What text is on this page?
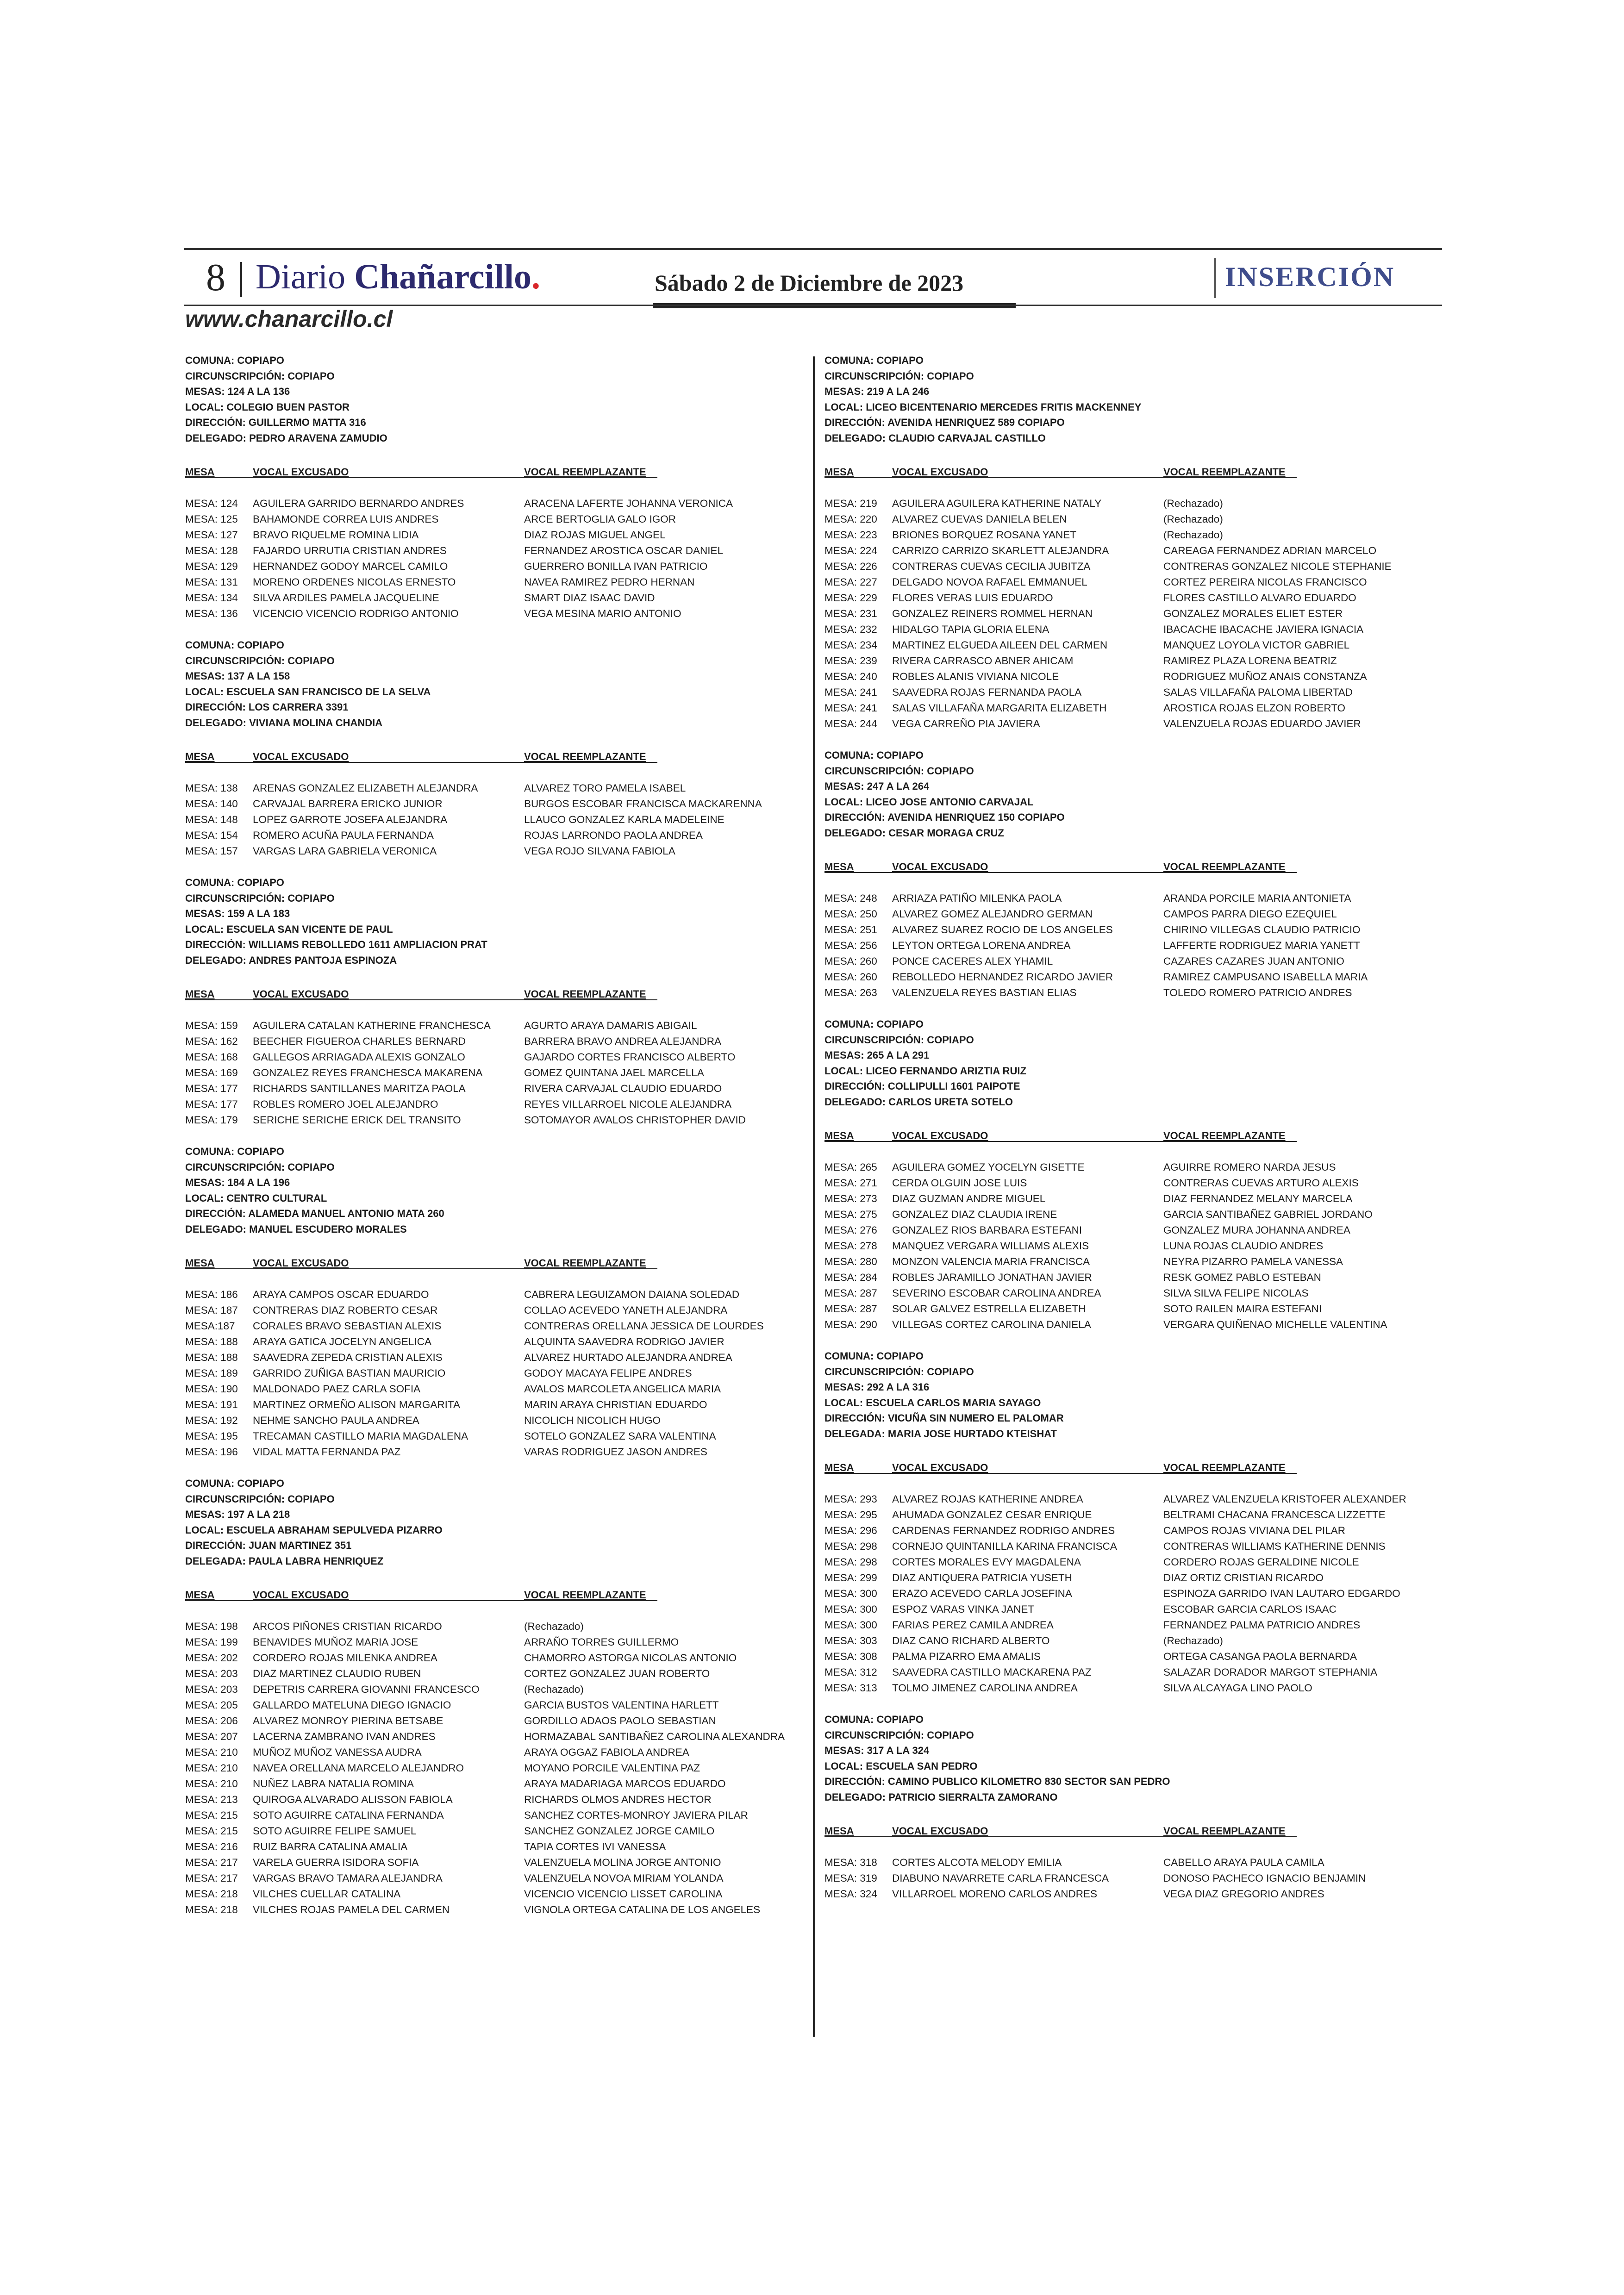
8 Diario Chañarcillo.	Sábado 2 de Diciembre de 2023	INSERCIÓN
www.chanarcillo.cl
COMUNA: COPIAPO
CIRCUNSCRIPCIÓN: COPIAPO
MESAS: 124 A LA 136
LOCAL: COLEGIO BUEN PASTOR
DIRECCIÓN: GUILLERMO MATTA 316
DELEGADO: PEDRO ARAVENA ZAMUDIO
MESA	VOCAL EXCUSADO	VOCAL REEMPLAZANTE
MESA: 124 AGUILERA GARRIDO BERNARDO ANDRES	ARACENA LAFERTE JOHANNA VERONICA
MESA: 125 BAHAMONDE CORREA LUIS ANDRES	ARCE BERTOGLIA GALO IGOR
MESA: 127 BRAVO RIQUELME ROMINA LIDIA	DIAZ ROJAS MIGUEL ANGEL
MESA: 128 FAJARDO URRUTIA CRISTIAN ANDRES	FERNANDEZ AROSTICA OSCAR DANIEL
MESA: 129 HERNANDEZ GODOY MARCEL CAMILO	GUERRERO BONILLA IVAN PATRICIO
MESA: 131 MORENO ORDENES NICOLAS ERNESTO	NAVEA RAMIREZ PEDRO HERNAN
MESA: 134 SILVA ARDILES PAMELA JACQUELINE	SMART DIAZ ISAAC DAVID
MESA: 136 VICENCIO VICENCIO RODRIGO ANTONIO	VEGA MESINA MARIO ANTONIO
COMUNA: COPIAPO
CIRCUNSCRIPCIÓN: COPIAPO
MESAS: 137 A LA 158
LOCAL: ESCUELA SAN FRANCISCO DE LA SELVA
DIRECCIÓN: LOS CARRERA 3391
DELEGADO: VIVIANA MOLINA CHANDIA
MESA	VOCAL EXCUSADO	VOCAL REEMPLAZANTE
MESA: 138 ARENAS GONZALEZ ELIZABETH ALEJANDRA	ALVAREZ TORO PAMELA ISABEL
MESA: 140 CARVAJAL BARRERA ERICKO JUNIOR	BURGOS ESCOBAR FRANCISCA MACKARENNA
MESA: 148 LOPEZ GARROTE JOSEFA ALEJANDRA	LLAUCO GONZALEZ KARLA MADELEINE
MESA: 154 ROMERO ACUÑA PAULA FERNANDA	ROJAS LARRONDO PAOLA ANDREA
MESA: 157 VARGAS LARA GABRIELA VERONICA	VEGA ROJO SILVANA FABIOLA
COMUNA: COPIAPO
CIRCUNSCRIPCIÓN: COPIAPO
MESAS: 159 A LA 183
LOCAL: ESCUELA SAN VICENTE DE PAUL
DIRECCIÓN: WILLIAMS REBOLLEDO 1611 AMPLIACION PRAT
DELEGADO: ANDRES PANTOJA ESPINOZA
MESA	VOCAL EXCUSADO	VOCAL REEMPLAZANTE
MESA: 159 AGUILERA CATALAN KATHERINE FRANCHESCA	AGURTO ARAYA DAMARIS ABIGAIL
MESA: 162 BEECHER FIGUEROA CHARLES BERNARD	BARRERA BRAVO ANDREA ALEJANDRA
MESA: 168 GALLEGOS ARRIAGADA ALEXIS GONZALO	GAJARDO CORTES FRANCISCO ALBERTO
MESA: 169 GONZALEZ REYES FRANCHESCA MAKARENA	GOMEZ QUINTANA JAEL MARCELLA
MESA: 177 RICHARDS SANTILLANES MARITZA PAOLA	RIVERA CARVAJAL CLAUDIO EDUARDO
MESA: 177 ROBLES ROMERO JOEL ALEJANDRO	REYES VILLARROEL NICOLE ALEJANDRA
MESA: 179 SERICHE SERICHE ERICK DEL TRANSITO	SOTOMAYOR AVALOS CHRISTOPHER DAVID
COMUNA: COPIAPO
CIRCUNSCRIPCIÓN: COPIAPO
MESAS: 184 A LA 196
LOCAL: CENTRO CULTURAL
DIRECCIÓN: ALAMEDA MANUEL ANTONIO MATA 260
DELEGADO: MANUEL ESCUDERO MORALES
MESA	VOCAL EXCUSADO	VOCAL REEMPLAZANTE
MESA: 186 ARAYA CAMPOS OSCAR EDUARDO	CABRERA LEGUIZAMON DAIANA SOLEDAD
MESA: 187 CONTRERAS DIAZ ROBERTO CESAR	COLLAO ACEVEDO YANETH ALEJANDRA
MESA:187 CORALES BRAVO SEBASTIAN ALEXIS	CONTRERAS ORELLANA JESSICA DE LOURDES
MESA: 188 ARAYA GATICA JOCELYN ANGELICA	ALQUINTA SAAVEDRA RODRIGO JAVIER
MESA: 188 SAAVEDRA ZEPEDA CRISTIAN ALEXIS	ALVAREZ HURTADO ALEJANDRA ANDREA
MESA: 189 GARRIDO ZUÑIGA BASTIAN MAURICIO	GODOY MACAYA FELIPE ANDRES
MESA: 190 MALDONADO PAEZ CARLA SOFIA	AVALOS MARCOLETA ANGELICA MARIA
MESA: 191 MARTINEZ ORMEÑO ALISON MARGARITA	MARIN ARAYA CHRISTIAN EDUARDO
MESA: 192 NEHME SANCHO PAULA ANDREA	NICOLICH NICOLICH HUGO
MESA: 195 TRECAMAN CASTILLO MARIA MAGDALENA	SOTELO GONZALEZ SARA VALENTINA
MESA: 196 VIDAL MATTA FERNANDA PAZ	VARAS RODRIGUEZ JASON ANDRES
COMUNA: COPIAPO
CIRCUNSCRIPCIÓN: COPIAPO
MESAS: 197 A LA 218
LOCAL: ESCUELA ABRAHAM SEPULVEDA PIZARRO
DIRECCIÓN: JUAN MARTINEZ 351
DELEGADA: PAULA LABRA HENRIQUEZ
MESA	VOCAL EXCUSADO	VOCAL REEMPLAZANTE
MESA: 198 ARCOS PIÑONES CRISTIAN RICARDO	(Rechazado)
MESA: 199 BENAVIDES MUÑOZ MARIA JOSE	ARRAÑO TORRES GUILLERMO
MESA: 202 CORDERO ROJAS MILENKA ANDREA	CHAMORRO ASTORGA NICOLAS ANTONIO
MESA: 203 DIAZ MARTINEZ CLAUDIO RUBEN	CORTEZ GONZALEZ JUAN ROBERTO
MESA: 203 DEPETRIS CARRERA GIOVANNI FRANCESCO	(Rechazado)
MESA: 205 GALLARDO MATELUNA DIEGO IGNACIO	GARCIA BUSTOS VALENTINA HARLETT
MESA: 206 ALVAREZ MONROY PIERINA BETSABE	GORDILLO ADAOS PAOLO SEBASTIAN
MESA: 207 LACERNA ZAMBRANO IVAN ANDRES	HORMAZABAL SANTIBAÑEZ CAROLINA ALEXANDRA
MESA: 210 MUÑOZ MUÑOZ VANESSA AUDRA	ARAYA OGGAZ FABIOLA ANDREA
MESA: 210 NAVEA ORELLANA MARCELO ALEJANDRO	MOYANO PORCILE VALENTINA PAZ
MESA: 210 NUÑEZ LABRA NATALIA ROMINA	ARAYA MADARIAGA MARCOS EDUARDO
MESA: 213 QUIROGA ALVARADO ALISSON FABIOLA	RICHARDS OLMOS ANDRES HECTOR
MESA: 215 SOTO AGUIRRE CATALINA FERNANDA	SANCHEZ CORTES-MONROY JAVIERA PILAR
MESA: 215 SOTO AGUIRRE FELIPE SAMUEL	SANCHEZ GONZALEZ JORGE CAMILO
MESA: 216 RUIZ BARRA CATALINA AMALIA	TAPIA CORTES IVI VANESSA
MESA: 217 VARELA GUERRA ISIDORA SOFIA	VALENZUELA MOLINA JORGE ANTONIO
MESA: 217 VARGAS BRAVO TAMARA ALEJANDRA	VALENZUELA NOVOA MIRIAM YOLANDA
MESA: 218 VILCHES CUELLAR CATALINA	VICENCIO VICENCIO LISSET CAROLINA
MESA: 218 VILCHES ROJAS PAMELA DEL CARMEN	VIGNOLA ORTEGA CATALINA DE LOS ANGELES
COMUNA: COPIAPO
CIRCUNSCRIPCIÓN: COPIAPO
MESAS: 219 A LA 246
LOCAL: LICEO BICENTENARIO MERCEDES FRITIS MACKENNEY
DIRECCIÓN: AVENIDA HENRIQUEZ 589 COPIAPO
DELEGADO: CLAUDIO CARVAJAL CASTILLO
MESA	VOCAL EXCUSADO	VOCAL REEMPLAZANTE
MESA: 219 AGUILERA AGUILERA KATHERINE NATALY	(Rechazado)
MESA: 220 ALVAREZ CUEVAS DANIELA BELEN	(Rechazado)
MESA: 223 BRIONES BORQUEZ ROSANA YANET	(Rechazado)
MESA: 224 CARRIZO CARRIZO SKARLETT ALEJANDRA	CAREAGA FERNANDEZ ADRIAN MARCELO
MESA: 226 CONTRERAS CUEVAS CECILIA JUBITZA	CONTRERAS GONZALEZ NICOLE STEPHANIE
MESA: 227 DELGADO NOVOA RAFAEL EMMANUEL	CORTEZ PEREIRA NICOLAS FRANCISCO
MESA: 229 FLORES VERAS LUIS EDUARDO	FLORES CASTILLO ALVARO EDUARDO
MESA: 231 GONZALEZ REINERS ROMMEL HERNAN	GONZALEZ MORALES ELIET ESTER
MESA: 232 HIDALGO TAPIA GLORIA ELENA	IBACACHE IBACACHE JAVIERA IGNACIA
MESA: 234 MARTINEZ ELGUEDA AILEEN DEL CARMEN	MANQUEZ LOYOLA VICTOR GABRIEL
MESA: 239 RIVERA CARRASCO ABNER AHICAM	RAMIREZ PLAZA LORENA BEATRIZ
MESA: 240 ROBLES ALANIS VIVIANA NICOLE	RODRIGUEZ MUÑOZ ANAIS CONSTANZA
MESA: 241 SAAVEDRA ROJAS FERNANDA PAOLA	SALAS VILLAFAÑA PALOMA LIBERTAD
MESA: 241 SALAS VILLAFAÑA MARGARITA ELIZABETH	AROSTICA ROJAS ELZON ROBERTO
MESA: 244 VEGA CARREÑO PIA JAVIERA	VALENZUELA ROJAS EDUARDO JAVIER
COMUNA: COPIAPO
CIRCUNSCRIPCIÓN: COPIAPO
MESAS: 247 A LA 264
LOCAL: LICEO JOSE ANTONIO CARVAJAL
DIRECCIÓN: AVENIDA HENRIQUEZ 150 COPIAPO
DELEGADO: CESAR MORAGA CRUZ
MESA	VOCAL EXCUSADO	VOCAL REEMPLAZANTE
MESA: 248 ARRIAZA PATIÑO MILENKA PAOLA	ARANDA PORCILE MARIA ANTONIETA
MESA: 250 ALVAREZ GOMEZ ALEJANDRO GERMAN	CAMPOS PARRA DIEGO EZEQUIEL
MESA: 251 ALVAREZ SUAREZ ROCIO DE LOS ANGELES	CHIRINO VILLEGAS CLAUDIO PATRICIO
MESA: 256 LEYTON ORTEGA LORENA ANDREA	LAFFERTE RODRIGUEZ MARIA YANETT
MESA: 260 PONCE CACERES ALEX YHAMIL	CAZARES CAZARES JUAN ANTONIO
MESA: 260 REBOLLEDO HERNANDEZ RICARDO JAVIER	RAMIREZ CAMPUSANO ISABELLA MARIA
MESA: 263 VALENZUELA REYES BASTIAN ELIAS	TOLEDO ROMERO PATRICIO ANDRES
COMUNA: COPIAPO
CIRCUNSCRIPCIÓN: COPIAPO
MESAS: 265 A LA 291
LOCAL: LICEO FERNANDO ARIZTIA RUIZ
DIRECCIÓN: COLLIPULLI 1601 PAIPOTE
DELEGADO: CARLOS URETA SOTELO
MESA	VOCAL EXCUSADO	VOCAL REEMPLAZANTE
MESA: 265 AGUILERA GOMEZ YOCELYN GISETTE	AGUIRRE ROMERO NARDA JESUS
MESA: 271 CERDA OLGUIN JOSE LUIS	CONTRERAS CUEVAS ARTURO ALEXIS
MESA: 273 DIAZ GUZMAN ANDRE MIGUEL	DIAZ FERNANDEZ MELANY MARCELA
MESA: 275 GONZALEZ DIAZ CLAUDIA IRENE	GARCIA SANTIBAÑEZ GABRIEL JORDANO
MESA: 276 GONZALEZ RIOS BARBARA ESTEFANI	GONZALEZ MURA JOHANNA ANDREA
MESA: 278 MANQUEZ VERGARA WILLIAMS ALEXIS	LUNA ROJAS CLAUDIO ANDRES
MESA: 280 MONZON VALENCIA MARIA FRANCISCA	NEYRA PIZARRO PAMELA VANESSA
MESA: 284 ROBLES JARAMILLO JONATHAN JAVIER	RESK GOMEZ PABLO ESTEBAN
MESA: 287 SEVERINO ESCOBAR CAROLINA ANDREA	SILVA SILVA FELIPE NICOLAS
MESA: 287 SOLAR GALVEZ ESTRELLA ELIZABETH	SOTO RAILEN MAIRA ESTEFANI
MESA: 290 VILLEGAS CORTEZ CAROLINA DANIELA	VERGARA QUIÑENAO MICHELLE VALENTINA
COMUNA: COPIAPO
CIRCUNSCRIPCIÓN: COPIAPO
MESAS: 292 A LA 316
LOCAL: ESCUELA CARLOS MARIA SAYAGO
DIRECCIÓN: VICUÑA SIN NUMERO EL PALOMAR
DELEGADA: MARIA JOSE HURTADO KTEISHAT
MESA	VOCAL EXCUSADO	VOCAL REEMPLAZANTE
MESA: 293 ALVAREZ ROJAS KATHERINE ANDREA	ALVAREZ VALENZUELA KRISTOFER ALEXANDER
MESA: 295 AHUMADA GONZALEZ CESAR ENRIQUE	BELTRAMI CHACANA FRANCESCA LIZZETTE
MESA: 296 CARDENAS FERNANDEZ RODRIGO ANDRES	CAMPOS ROJAS VIVIANA DEL PILAR
MESA: 298 CORNEJO QUINTANILLA KARINA FRANCISCA	CONTRERAS WILLIAMS KATHERINE DENNIS
MESA: 298 CORTES MORALES EVY MAGDALENA	CORDERO ROJAS GERALDINE NICOLE
MESA: 299 DIAZ ANTIQUERA PATRICIA YUSETH	DIAZ ORTIZ CRISTIAN RICARDO
MESA: 300 ERAZO ACEVEDO CARLA JOSEFINA	ESPINOZA GARRIDO IVAN LAUTARO EDGARDO
MESA: 300 ESPOZ VARAS VINKA JANET	ESCOBAR GARCIA CARLOS ISAAC
MESA: 300 FARIAS PEREZ CAMILA ANDREA	FERNANDEZ PALMA PATRICIO ANDRES
MESA: 303 DIAZ CANO RICHARD ALBERTO	(Rechazado)
MESA: 308 PALMA PIZARRO EMA AMALIS	ORTEGA CASANGA PAOLA BERNARDA
MESA: 312 SAAVEDRA CASTILLO MACKARENA PAZ	SALAZAR DORADOR MARGOT STEPHANIA
MESA: 313 TOLMO JIMENEZ CAROLINA ANDREA	SILVA ALCAYAGA LINO PAOLO
COMUNA: COPIAPO
CIRCUNSCRIPCIÓN: COPIAPO
MESAS: 317 A LA 324
LOCAL: ESCUELA SAN PEDRO
DIRECCIÓN: CAMINO PUBLICO KILOMETRO 830 SECTOR SAN PEDRO
DELEGADO: PATRICIO SIERRALTA ZAMORANO
MESA	VOCAL EXCUSADO	VOCAL REEMPLAZANTE
MESA: 318 CORTES ALCOTA MELODY EMILIA	CABELLO ARAYA PAULA CAMILA
MESA: 319 DIABUNO NAVARRETE CARLA FRANCESCA	DONOSO PACHECO IGNACIO BENJAMIN
MESA: 324 VILLARROEL MORENO CARLOS ANDRES	VEGA DIAZ GREGORIO ANDRES
